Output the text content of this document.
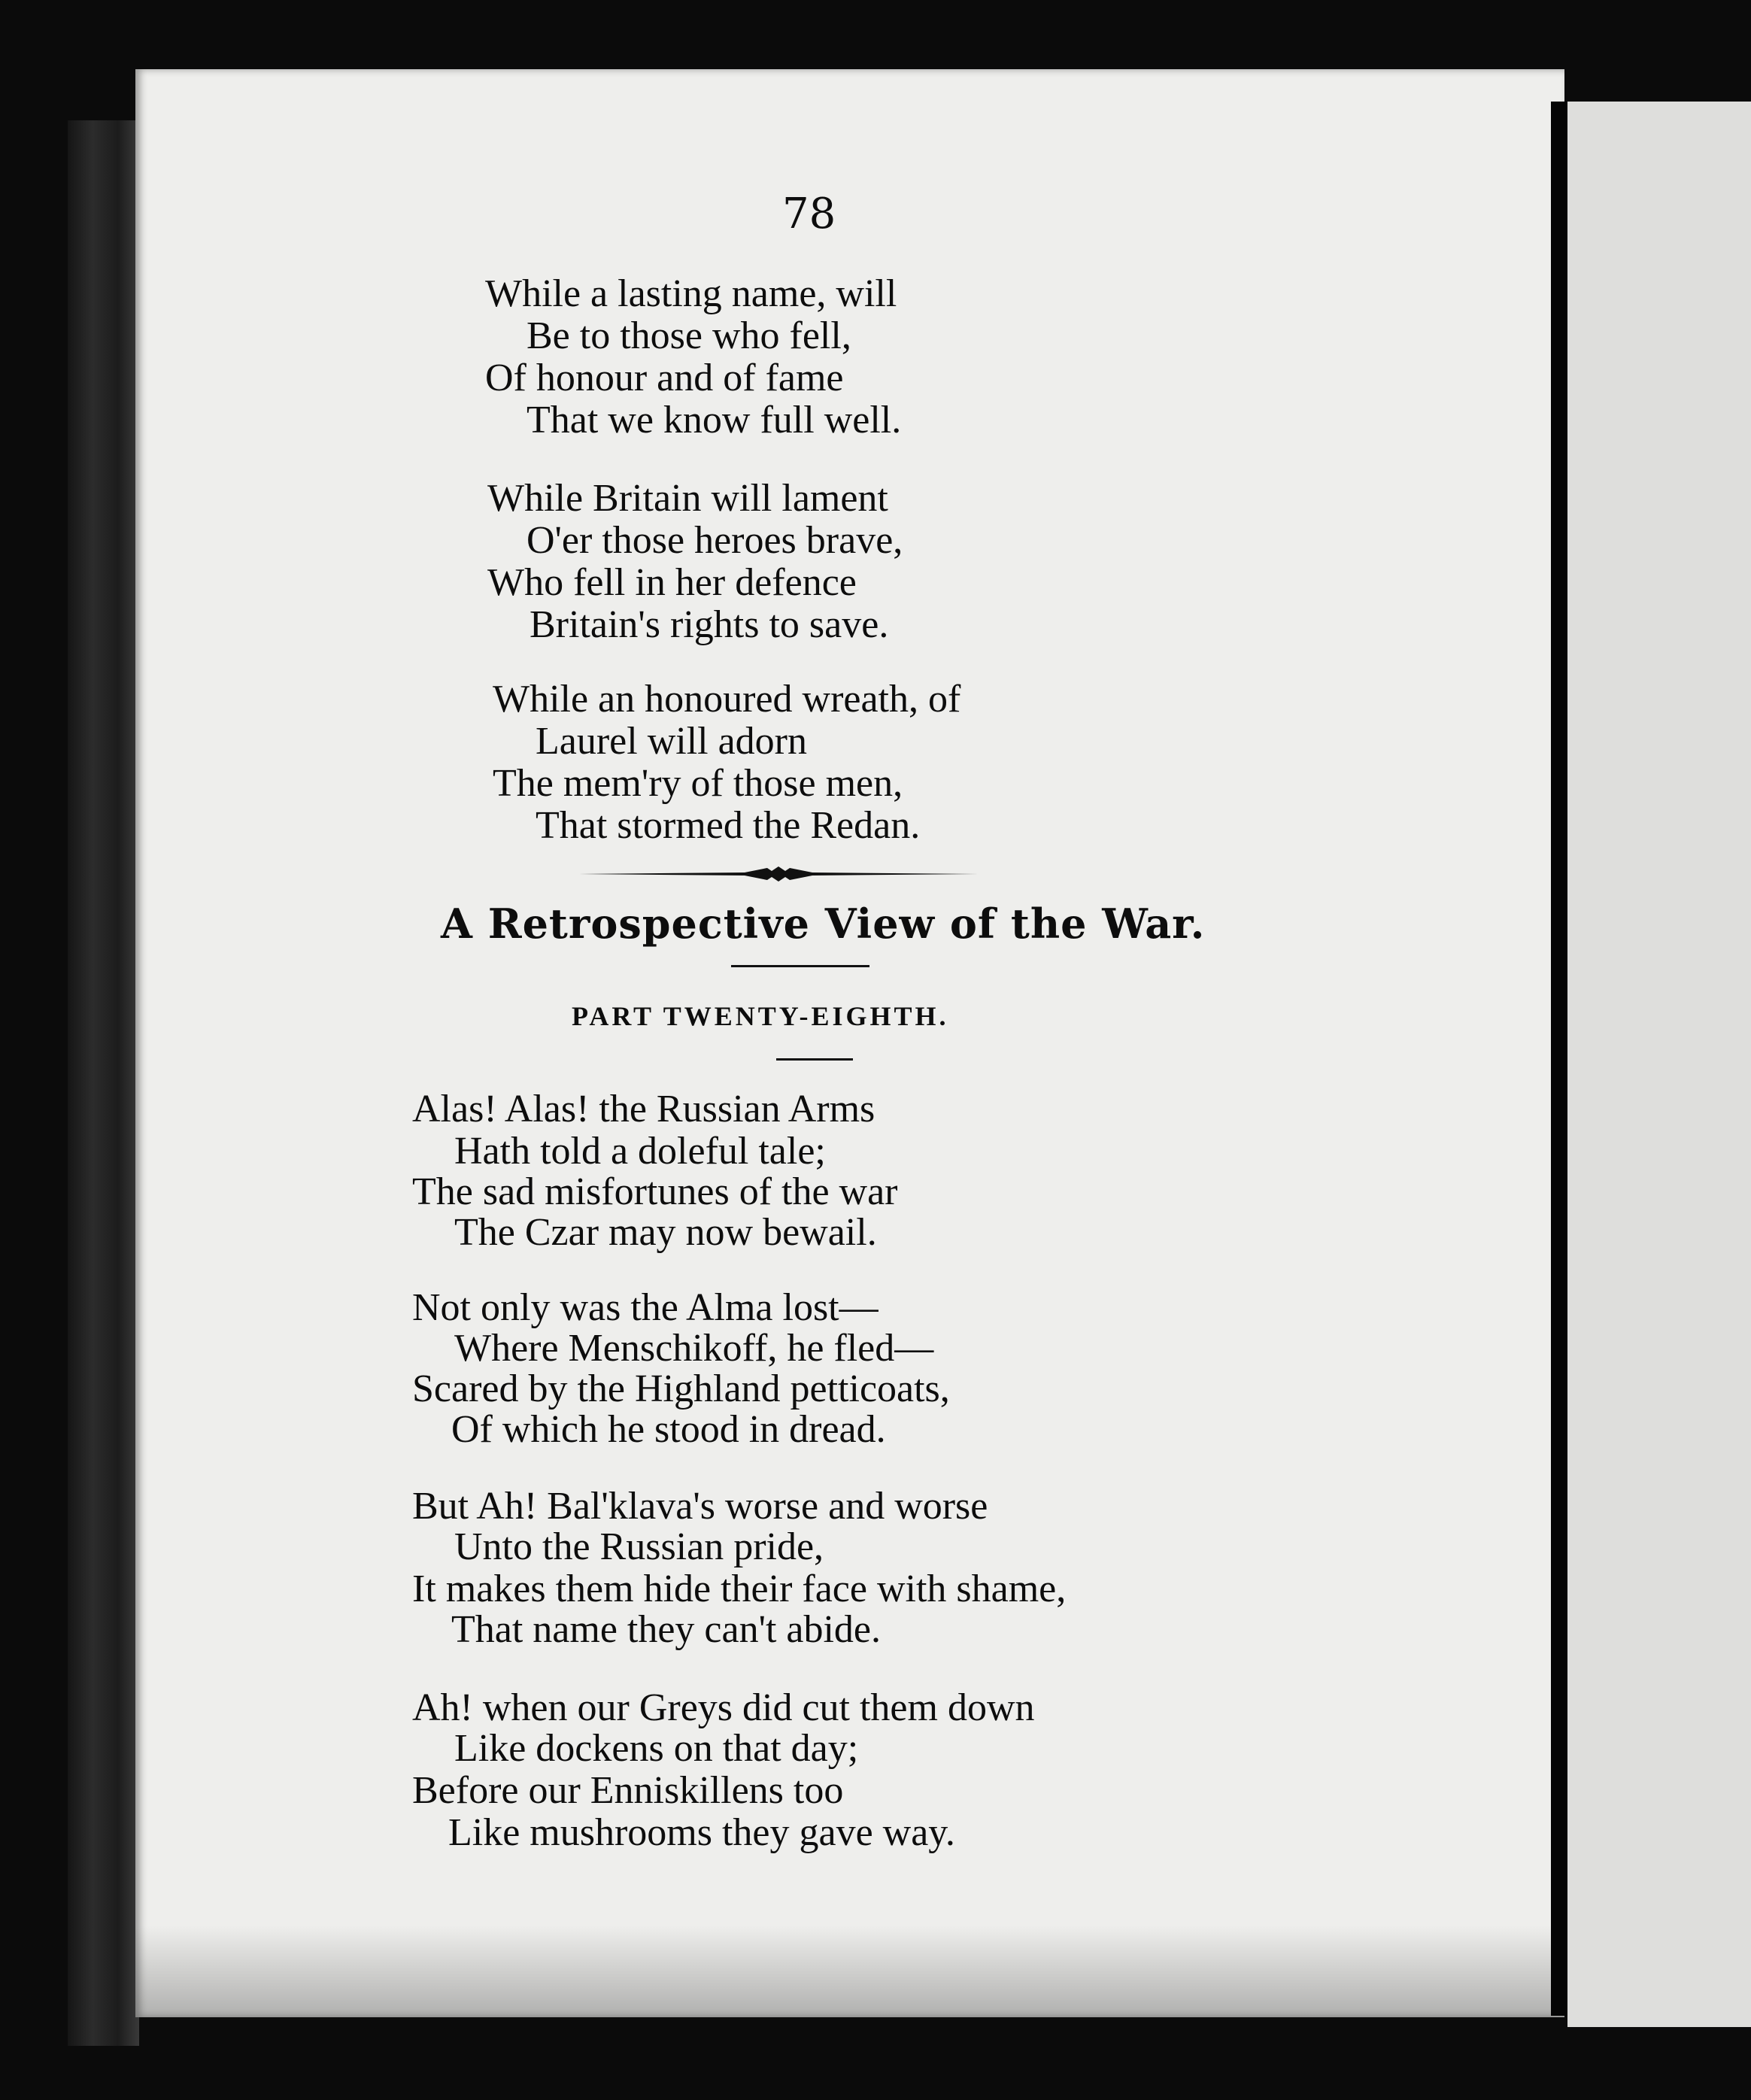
78
While a lasting name, will
Be to those who fell,
Of honour and of fame
That we know full well.
While Britain will lament
O'er those heroes brave,
Who fell in her defence
Britain's rights to save.
While an honoured wreath, of
Laurel will adorn
The mem'ry of those men,
That stormed the Redan.
A Retrospective View of the War.
PART TWENTY-EIGHTH.
Alas! Alas! the Russian Arms
Hath told a doleful tale;
The sad misfortunes of the war
The Czar may now bewail.
Not only was the Alma lost—
Where Menschikoff, he fled—
Scared by the Highland petticoats,
Of which he stood in dread.
But Ah! Bal'klava's worse and worse
Unto the Russian pride,
It makes them hide their face with shame,
That name they can't abide.
Ah! when our Greys did cut them down
Like dockens on that day;
Before our Enniskillens too
Like mushrooms they gave way.
